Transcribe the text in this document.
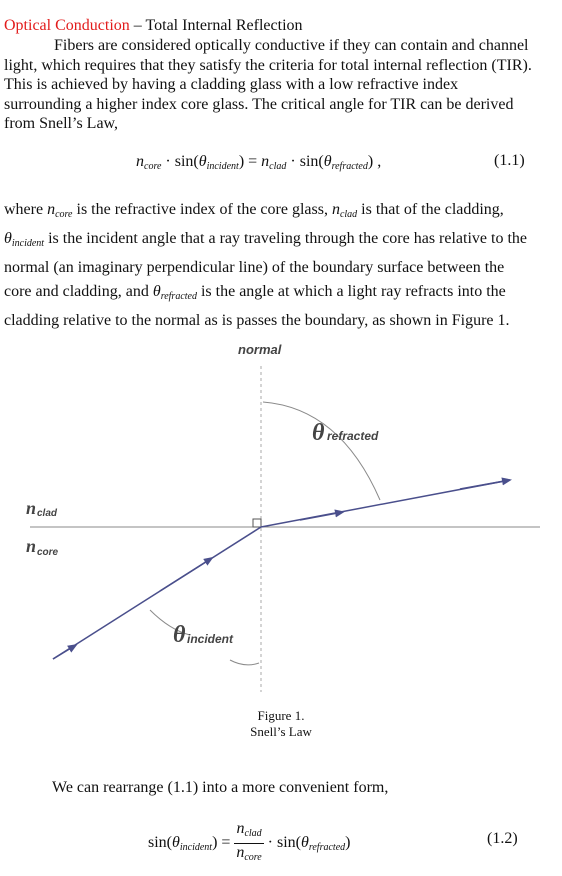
Optical Conduction – Total Internal Reflection
Fibers are considered optically conductive if they can contain and channel
light, which requires that they satisfy the criteria for total internal reflection (TIR).
This is achieved by having a cladding glass with a low refractive index
surrounding a higher index core glass. The critical angle for TIR can be derived
from Snell’s Law,
$n_{core} \cdot \sin(\theta_{incident}) = n_{clad} \cdot \sin(\theta_{refracted})$ ,	(1.1)
where $n_{core}$ is the refractive index of the core glass, $n_{clad}$ is that of the cladding,
$\theta_{incident}$ is the incident angle that a ray traveling through the core has relative to the
normal (an imaginary perpendicular line) of the boundary surface between the
core and cladding, and $\theta_{refracted}$ is the angle at which a light ray refracts into the
cladding relative to the normal as is passes the boundary, as shown in Figure 1.
normal
θ refracted
θ incident
n clad
n core
Figure 1.
Snell’s Law
We can rearrange (1.1) into a more convenient form,
$\sin(\theta_{incident}) = \frac{n_{clad}}{n_{core}} \cdot \sin(\theta_{refracted})$	(1.2)
